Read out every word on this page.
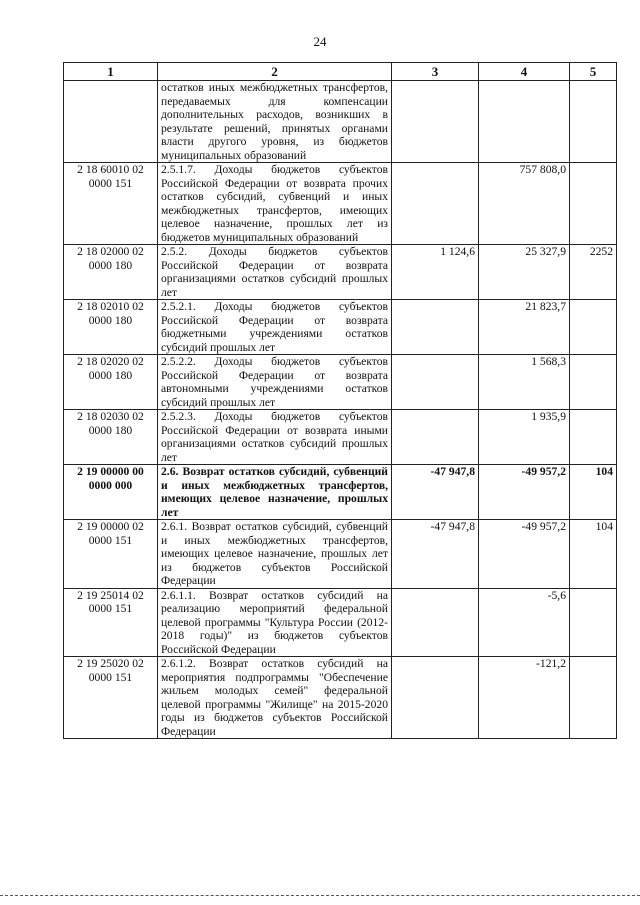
24
1	2	3	4	5
	остатков иных межбюджетных трансфертов, передаваемых для компенсации дополнительных расходов, возникших в результате решений, принятых органами власти другого уровня, из бюджетов муниципальных образований			
2 18 60010 02 0000 151	2.5.1.7. Доходы бюджетов субъектов Российской Федерации от возврата прочих остатков субсидий, субвенций и иных межбюджетных трансфертов, имеющих целевое назначение, прошлых лет из бюджетов муниципальных образований		757 808,0	
2 18 02000 02 0000 180	2.5.2. Доходы бюджетов субъектов Российской Федерации от возврата организациями остатков субсидий прошлых лет	1 124,6	25 327,9	2252
2 18 02010 02 0000 180	2.5.2.1. Доходы бюджетов субъектов Российской Федерации от возврата бюджетными учреждениями остатков субсидий прошлых лет		21 823,7	
2 18 02020 02 0000 180	2.5.2.2. Доходы бюджетов субъектов Российской Федерации от возврата автономными учреждениями остатков субсидий прошлых лет		1 568,3	
2 18 02030 02 0000 180	2.5.2.3. Доходы бюджетов субъектов Российской Федерации от возврата иными организациями остатков субсидий прошлых лет		1 935,9	
2 19 00000 00 0000 000	2.6. Возврат остатков субсидий, субвенций и иных межбюджетных трансфертов, имеющих целевое назначение, прошлых лет	-47 947,8	-49 957,2	104
2 19 00000 02 0000 151	2.6.1. Возврат остатков субсидий, субвенций и иных межбюджетных трансфертов, имеющих целевое назначение, прошлых лет из бюджетов субъектов Российской Федерации	-47 947,8	-49 957,2	104
2 19 25014 02 0000 151	2.6.1.1. Возврат остатков субсидий на реализацию мероприятий федеральной целевой программы "Культура России (2012-2018 годы)" из бюджетов субъектов Российской Федерации		-5,6	
2 19 25020 02 0000 151	2.6.1.2. Возврат остатков субсидий на мероприятия подпрограммы "Обеспечение жильем молодых семей" федеральной целевой программы "Жилище" на 2015-2020 годы из бюджетов субъектов Российской Федерации		-121,2	
